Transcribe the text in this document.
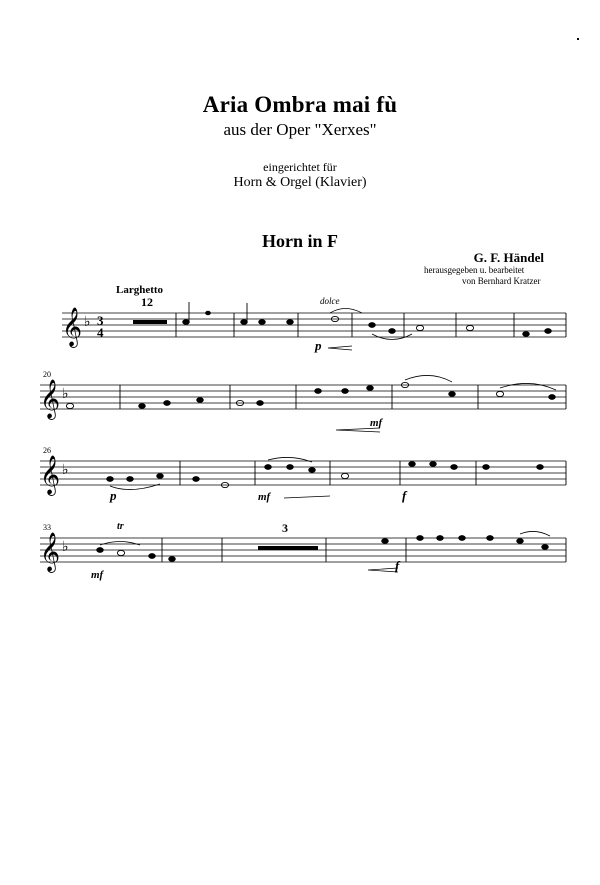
Aria Ombra mai fù
aus der Oper "Xerxes"
eingerichtet für
Horn & Orgel (Klavier)
Horn in F
G. F. Händel
herausgegeben u. bearbeitet
von Bernhard Kratzer
𝄞
𝄞
𝄞
𝄞
♭
♭
♭
♭
3
4
Larghetto
12
3
20
26
33
dolce
tr
p
mf
p	mf	f
mf
f
